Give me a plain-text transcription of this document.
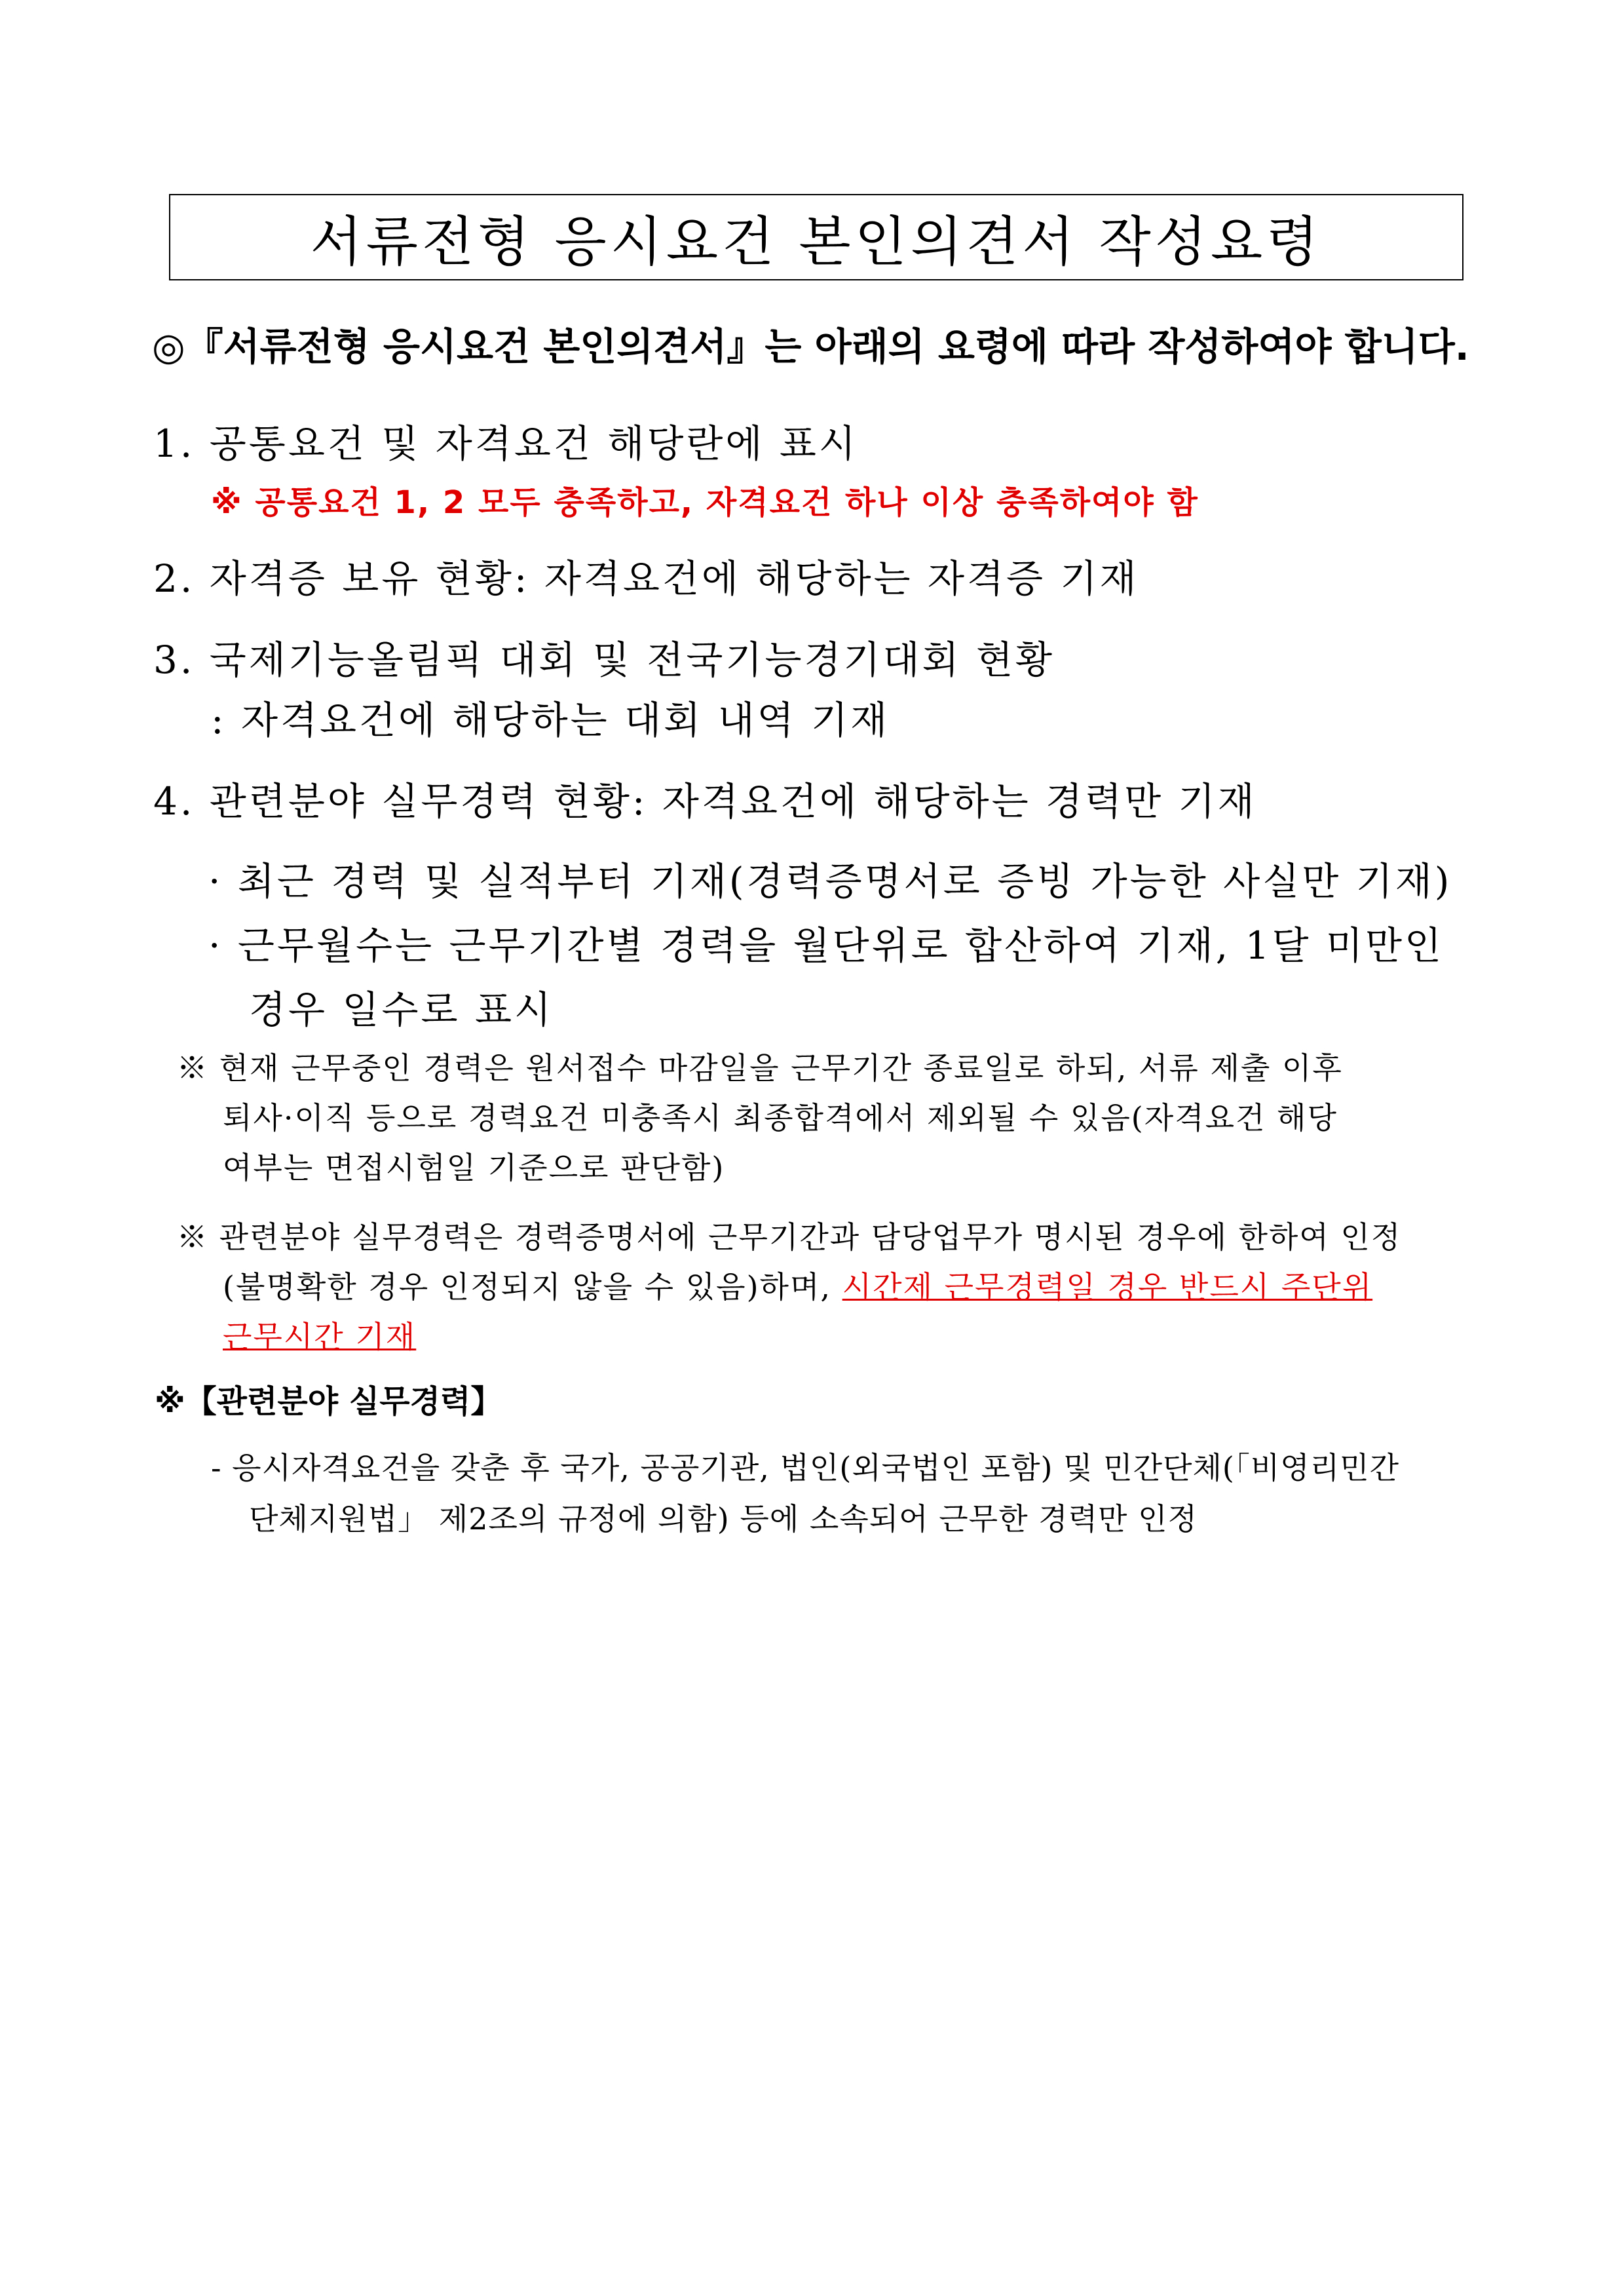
서류전형 응시요건 본인의견서 작성요령
◎『서류전형 응시요건 본인의견서』는 아래의 요령에 따라 작성하여야 합니다.
1. 공통요건 및 자격요건 해당란에 표시
※ 공통요건 1, 2 모두 충족하고, 자격요건 하나 이상 충족하여야 함
2. 자격증 보유 현황: 자격요건에 해당하는 자격증 기재
3. 국제기능올림픽 대회 및 전국기능경기대회 현황
: 자격요건에 해당하는 대회 내역 기재
4. 관련분야 실무경력 현황: 자격요건에 해당하는 경력만 기재
· 최근 경력 및 실적부터 기재(경력증명서로 증빙 가능한 사실만 기재)
· 근무월수는 근무기간별 경력을 월단위로 합산하여 기재, 1달 미만인
경우 일수로 표시
※ 현재 근무중인 경력은 원서접수 마감일을 근무기간 종료일로 하되, 서류 제출 이후
퇴사·이직 등으로 경력요건 미충족시 최종합격에서 제외될 수 있음(자격요건 해당
여부는 면접시험일 기준으로 판단함)
※ 관련분야 실무경력은 경력증명서에 근무기간과 담당업무가 명시된 경우에 한하여 인정
(불명확한 경우 인정되지 않을 수 있음)하며, 시간제 근무경력일 경우 반드시 주단위
근무시간 기재
※【관련분야 실무경력】
- 응시자격요건을 갖춘 후 국가, 공공기관, 법인(외국법인 포함) 및 민간단체(「비영리민간
단체지원법」 제2조의 규정에 의함) 등에 소속되어 근무한 경력만 인정
